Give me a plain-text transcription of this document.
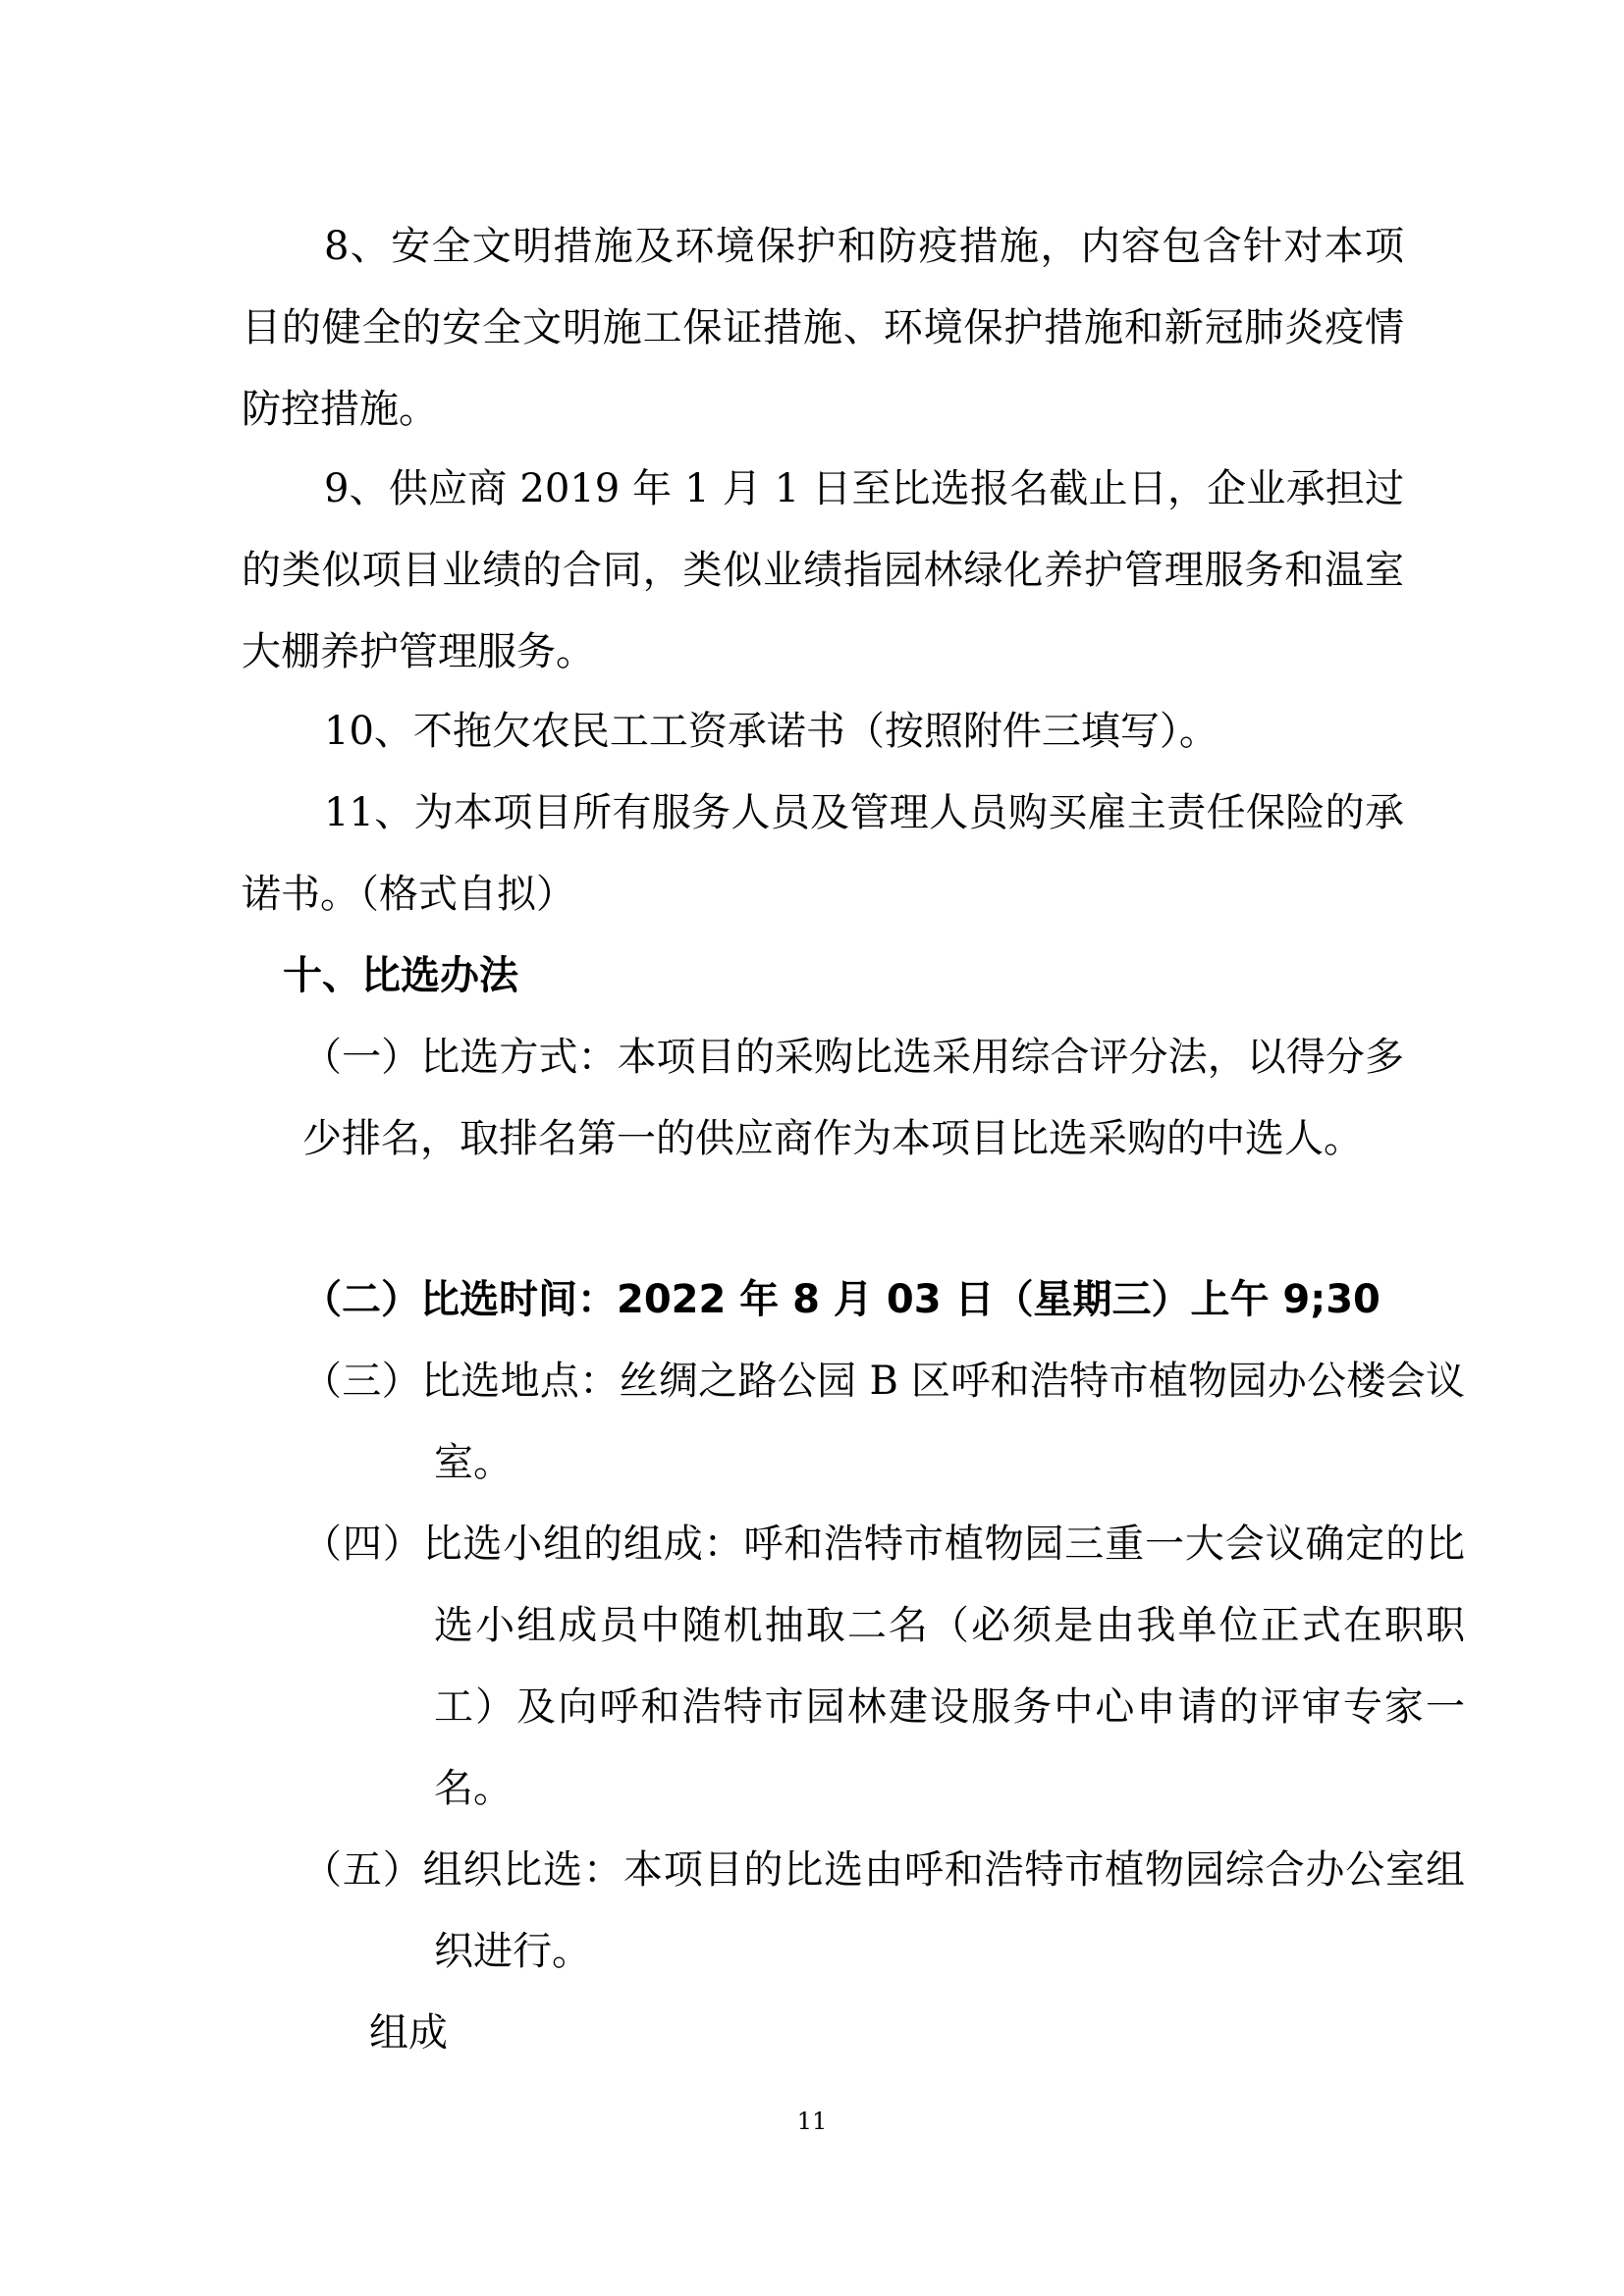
8、安全文明措施及环境保护和防疫措施，内容包含针对本项目的健全的安全文明施工保证措施、环境保护措施和新冠肺炎疫情防控措施。

9、供应商 2019 年 1 月 1 日至比选报名截止日，企业承担过的类似项目业绩的合同，类似业绩指园林绿化养护管理服务和温室大棚养护管理服务。

10、不拖欠农民工工资承诺书（按照附件三填写）。

11、为本项目所有服务人员及管理人员购买雇主责任保险的承诺书。（格式自拟）

十、比选办法

（一）比选方式：本项目的采购比选采用综合评分法，以得分多少排名，取排名第一的供应商作为本项目比选采购的中选人。

（二）比选时间：2022 年 8 月 03 日（星期三）上午 9;30

（三）比选地点：丝绸之路公园 B 区呼和浩特市植物园办公楼会议室。

（四）比选小组的组成：呼和浩特市植物园三重一大会议确定的比选小组成员中随机抽取二名（必须是由我单位正式在职职工）及向呼和浩特市园林建设服务中心申请的评审专家一名。

（五）组织比选：本项目的比选由呼和浩特市植物园综合办公室组织进行。

组成

11
